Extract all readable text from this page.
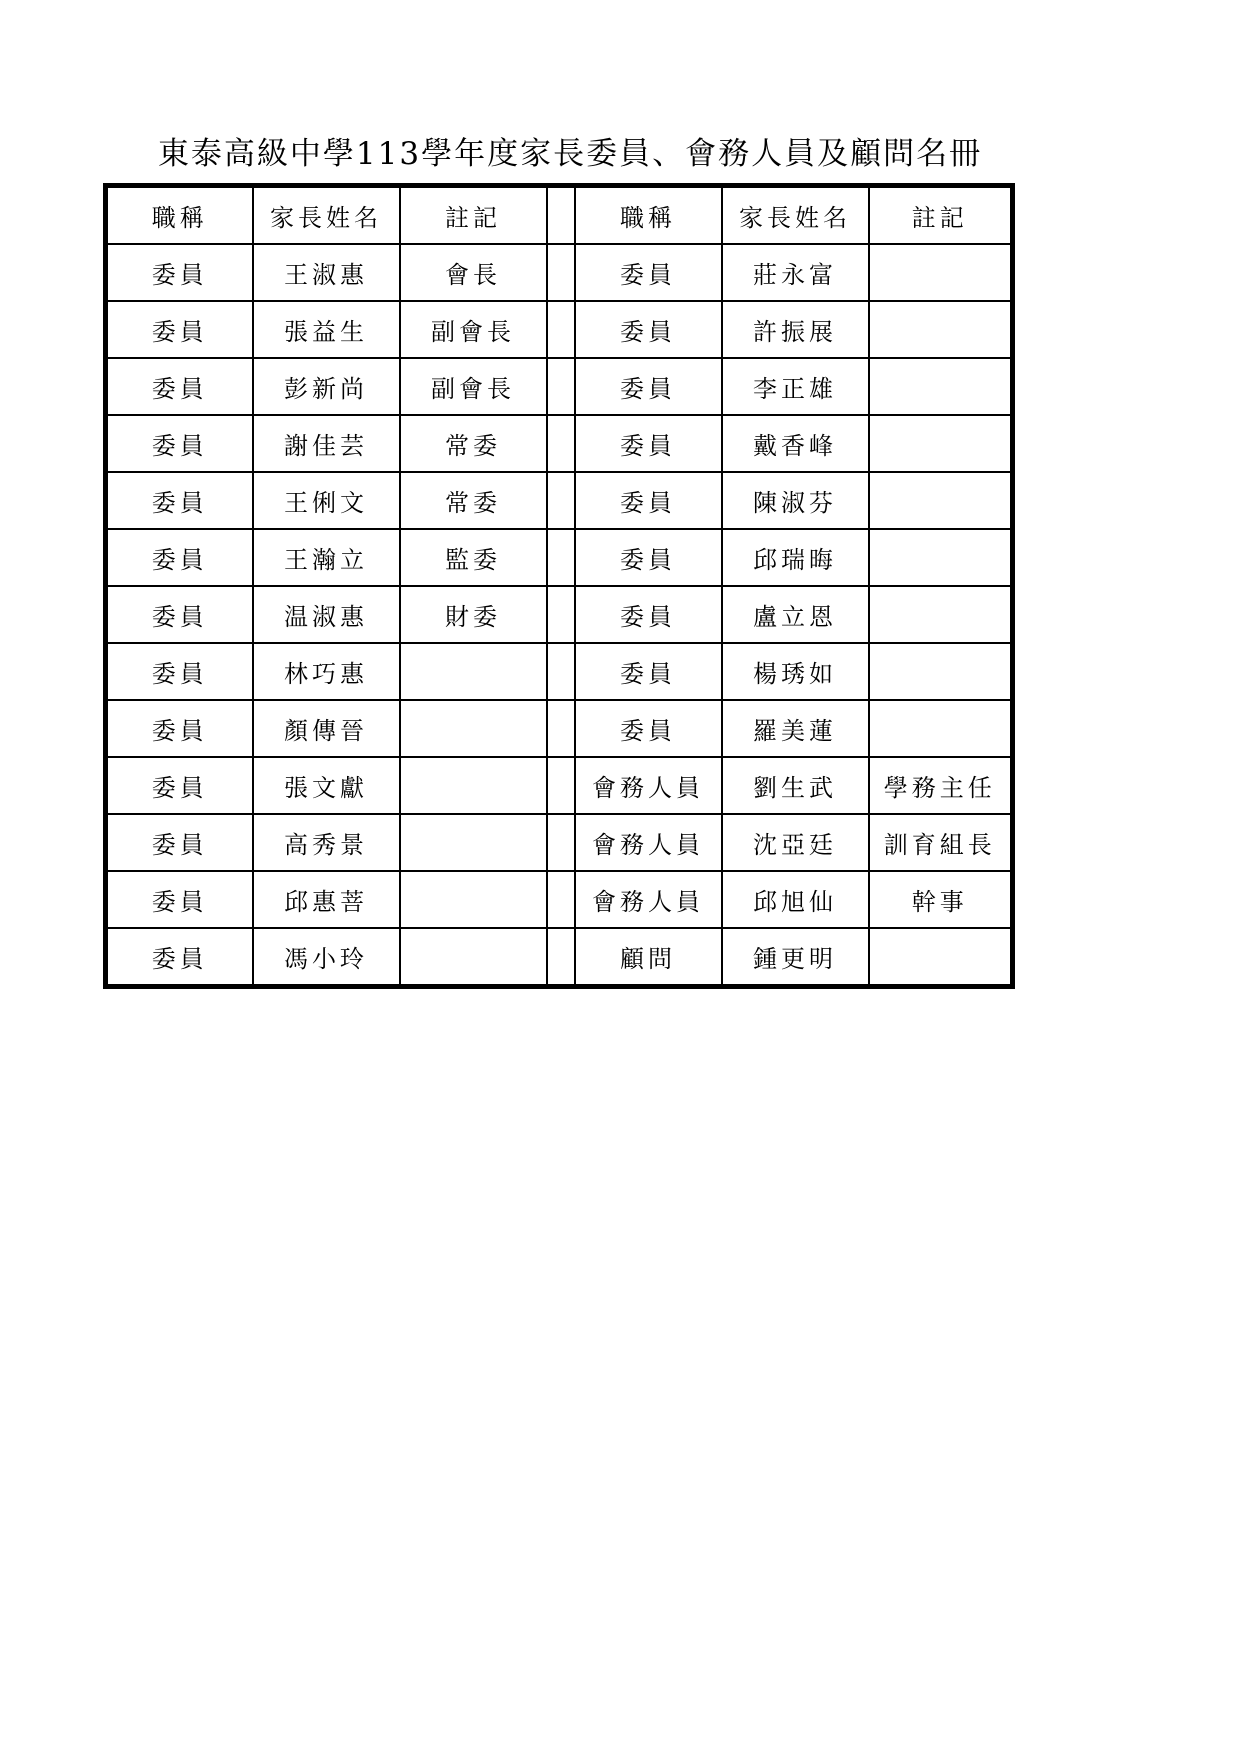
東泰高級中學113學年度家長委員、會務人員及顧問名冊
職稱	家長姓名	註記		職稱	家長姓名	註記
委員	王淑惠	會長		委員	莊永富	
委員	張益生	副會長		委員	許振展	
委員	彭新尚	副會長		委員	李正雄	
委員	謝佳芸	常委		委員	戴香峰	
委員	王俐文	常委		委員	陳淑芬	
委員	王瀚立	監委		委員	邱瑞晦	
委員	温淑惠	財委		委員	盧立恩	
委員	林巧惠			委員	楊琇如	
委員	顏傳晉			委員	羅美蓮	
委員	張文獻			會務人員	劉生武	學務主任
委員	高秀景			會務人員	沈亞廷	訓育組長
委員	邱惠菩			會務人員	邱旭仙	幹事
委員	馮小玲			顧問	鍾更明	
